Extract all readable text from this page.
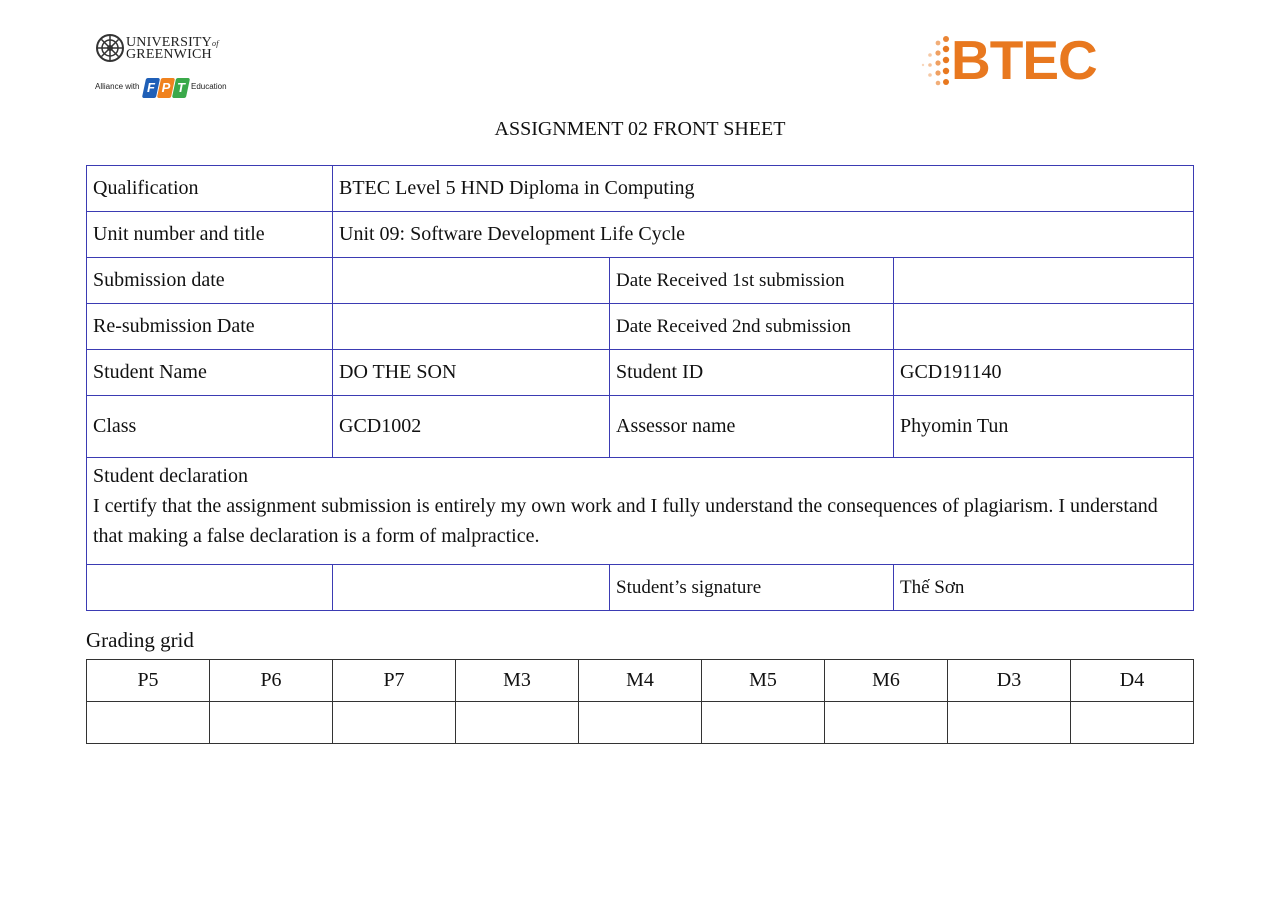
UNIVERSITYof
GREENWICH
Alliance with F P T Education	BTEC
ASSIGNMENT 02 FRONT SHEET
Qualification	BTEC Level 5 HND Diploma in Computing		
Unit number and title	Unit 09: Software Development Life Cycle		
Submission date		Date Received 1st submission	
Re-submission Date		Date Received 2nd submission	
Student Name	DO THE SON	Student ID	GCD191140
Class	GCD1002	Assessor name	Phyomin Tun

Student declaration
I certify that the assignment submission is entirely my own work and I fully understand the consequences of plagiarism. I understand that making a false declaration is a form of malpractice.			

		Student’s signature	Thế Sơn
Grading grid
P5	P6	P7	M3	M4	M5	M6	D3	D4
